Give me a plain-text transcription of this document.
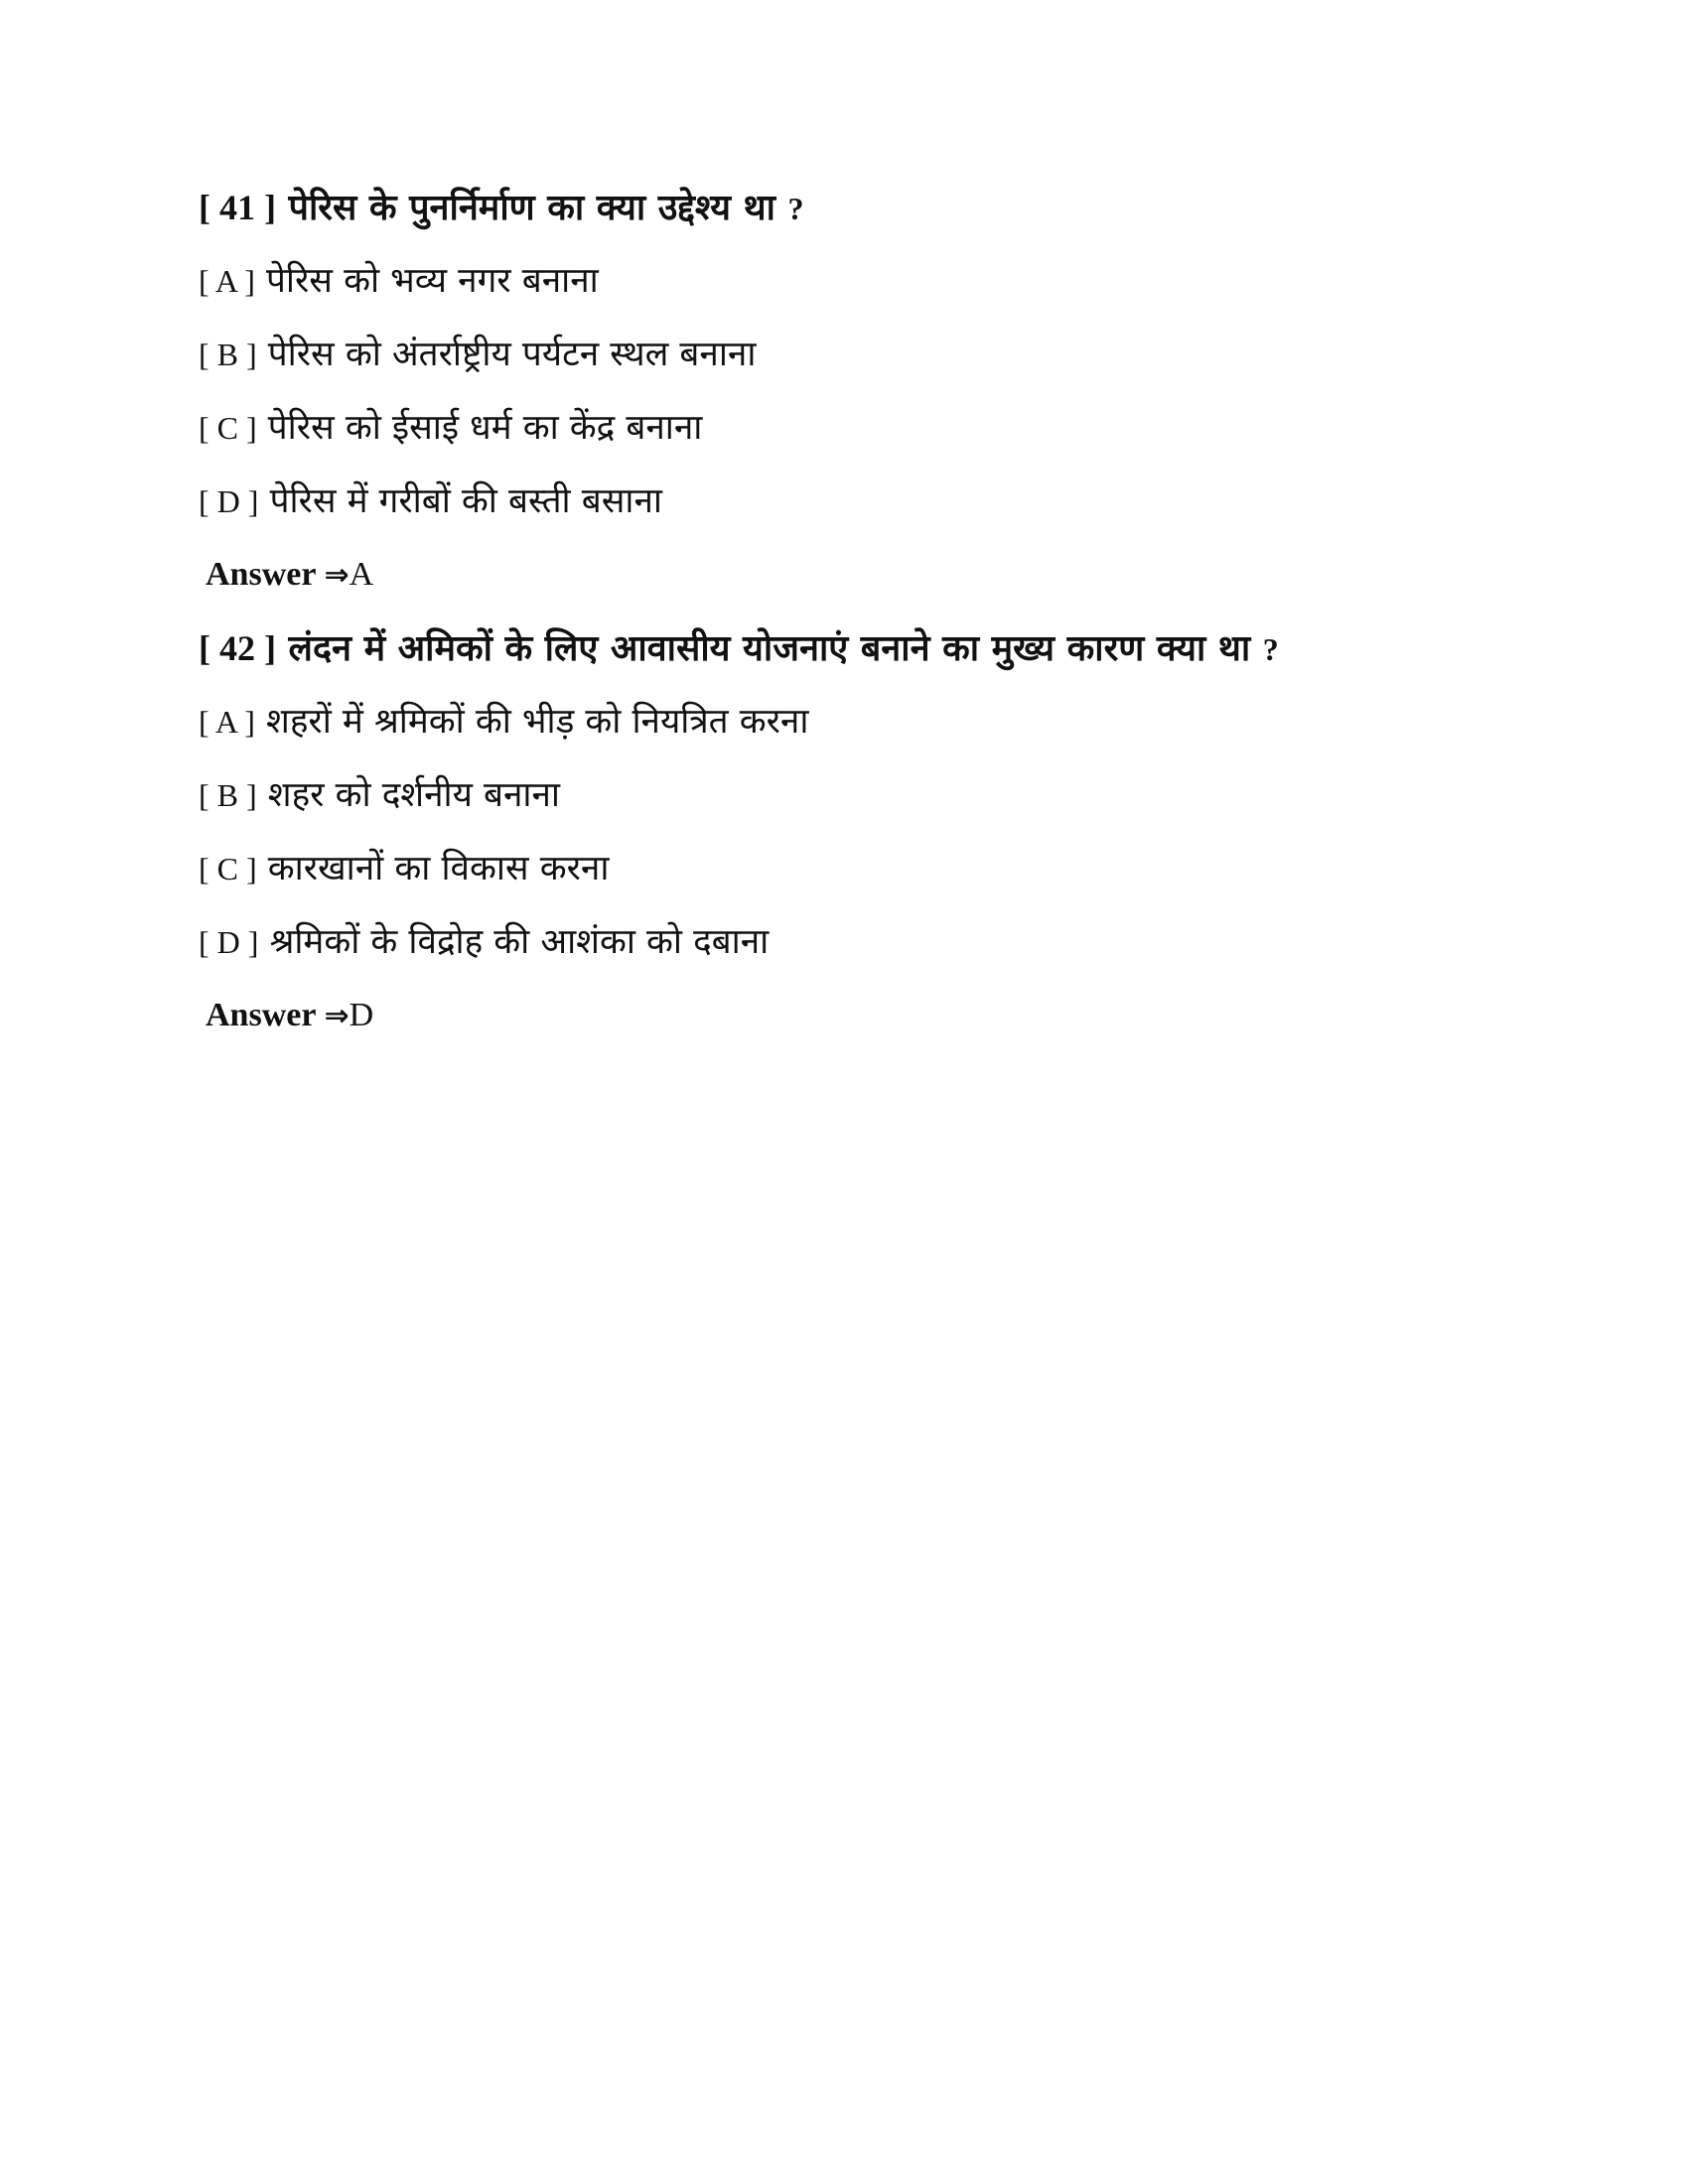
[ 41 ] पेरिस के पुनर्निर्माण का क्या उद्देश्य था ?
[ A ] पेरिस को भव्य नगर बनाना
[ B ] पेरिस को अंतर्राष्ट्रीय पर्यटन स्थल बनाना
[ C ] पेरिस को ईसाई धर्म का केंद्र बनाना
[ D ] पेरिस में गरीबों की बस्ती बसाना
Answer ⇒A
[ 42 ] लंदन में अमिकों के लिए आवासीय योजनाएं बनाने का मुख्य कारण क्या था ?
[ A ] शहरों में श्रमिकों की भीड़ को नियत्रित करना
[ B ] शहर को दर्शनीय बनाना
[ C ] कारखानों का विकास करना
[ D ] श्रमिकों के विद्रोह की आशंका को दबाना
Answer ⇒D
